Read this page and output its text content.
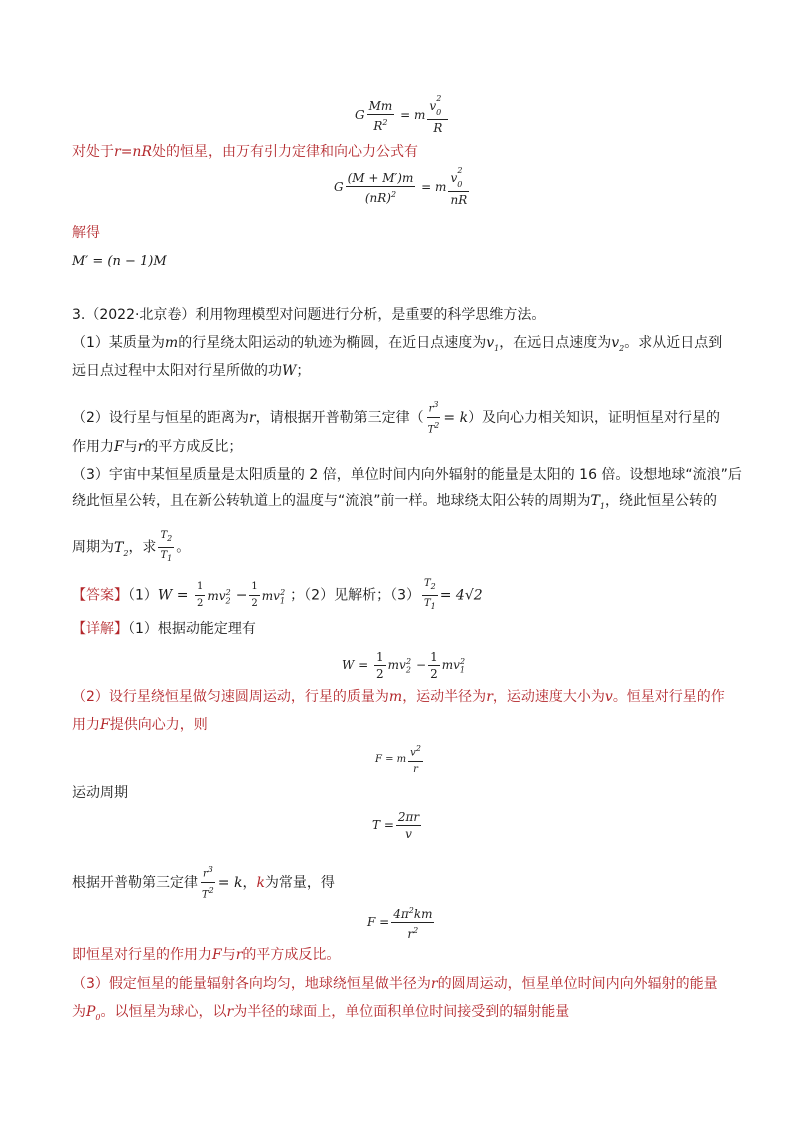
G $\frac{Mm}{R^2} = m \frac{v_0^2}{R}$
对处于r=nR处的恒星，由万有引力定律和向心力公式有
G $\frac{(M + M')m}{(nR)^2} = m \frac{v_0^2}{nR}$
解得
M′ = (n − 1)M
3.（2022·北京卷）利用物理模型对问题进行分析，是重要的科学思维方法。
（1）某质量为m的行星绕太阳运动的轨迹为椭圆，在近日点速度为$v_1$，在远日点速度为$v_2$。求从近日点到
远日点过程中太阳对行星所做的功W；
（2）设行星与恒星的距离为r，请根据开普勒第三定律（ $\frac{r^3}{T^2} = k$）及向心力相关知识，证明恒星对行星的
作用力F与r的平方成反比；
（3）宇宙中某恒星质量是太阳质量的 2 倍，单位时间内向外辐射的能量是太阳的 16 倍。设想地球“流浪”后
绕此恒星公转，且在新公转轨道上的温度与“流浪”前一样。地球绕太阳公转的周期为$T_1$，绕此恒星公转的
周期为$T_2$，求 $\frac{T_2}{T_1}$ 。
【答案】$(1)W = \frac{1}{2} mv_2^2 - \frac{1}{2} mv_1^2$ ；（2）见解析；$(3) \frac{T_2}{T_1} = 4√2$
【详解】（1）根据动能定理有
$W = \frac{1}{2} mv_2^2 - \frac{1}{2} mv_1^2$
（2）设行星绕恒星做匀速圆周运动，行星的质量为m，运动半径为r，运动速度大小为v。恒星对行星的作
用力F提供向心力，则
F = m $\frac{v^2}{r}$
运动周期
$T = \frac{2\pi r}{v}$
根据开普勒第三定律 $\frac{r^3}{T^2} = k$，k为常量，得
$F = \frac{4\pi^2km}{r^2}$
即恒星对行星的作用力F与r的平方成反比。
（3）假定恒星的能量辐射各向均匀，地球绕恒星做半径为r的圆周运动，恒星单位时间内向外辐射的能量
为$P_0$。以恒星为球心，以r为半径的球面上，单位面积单位时间接受到的辐射能量
